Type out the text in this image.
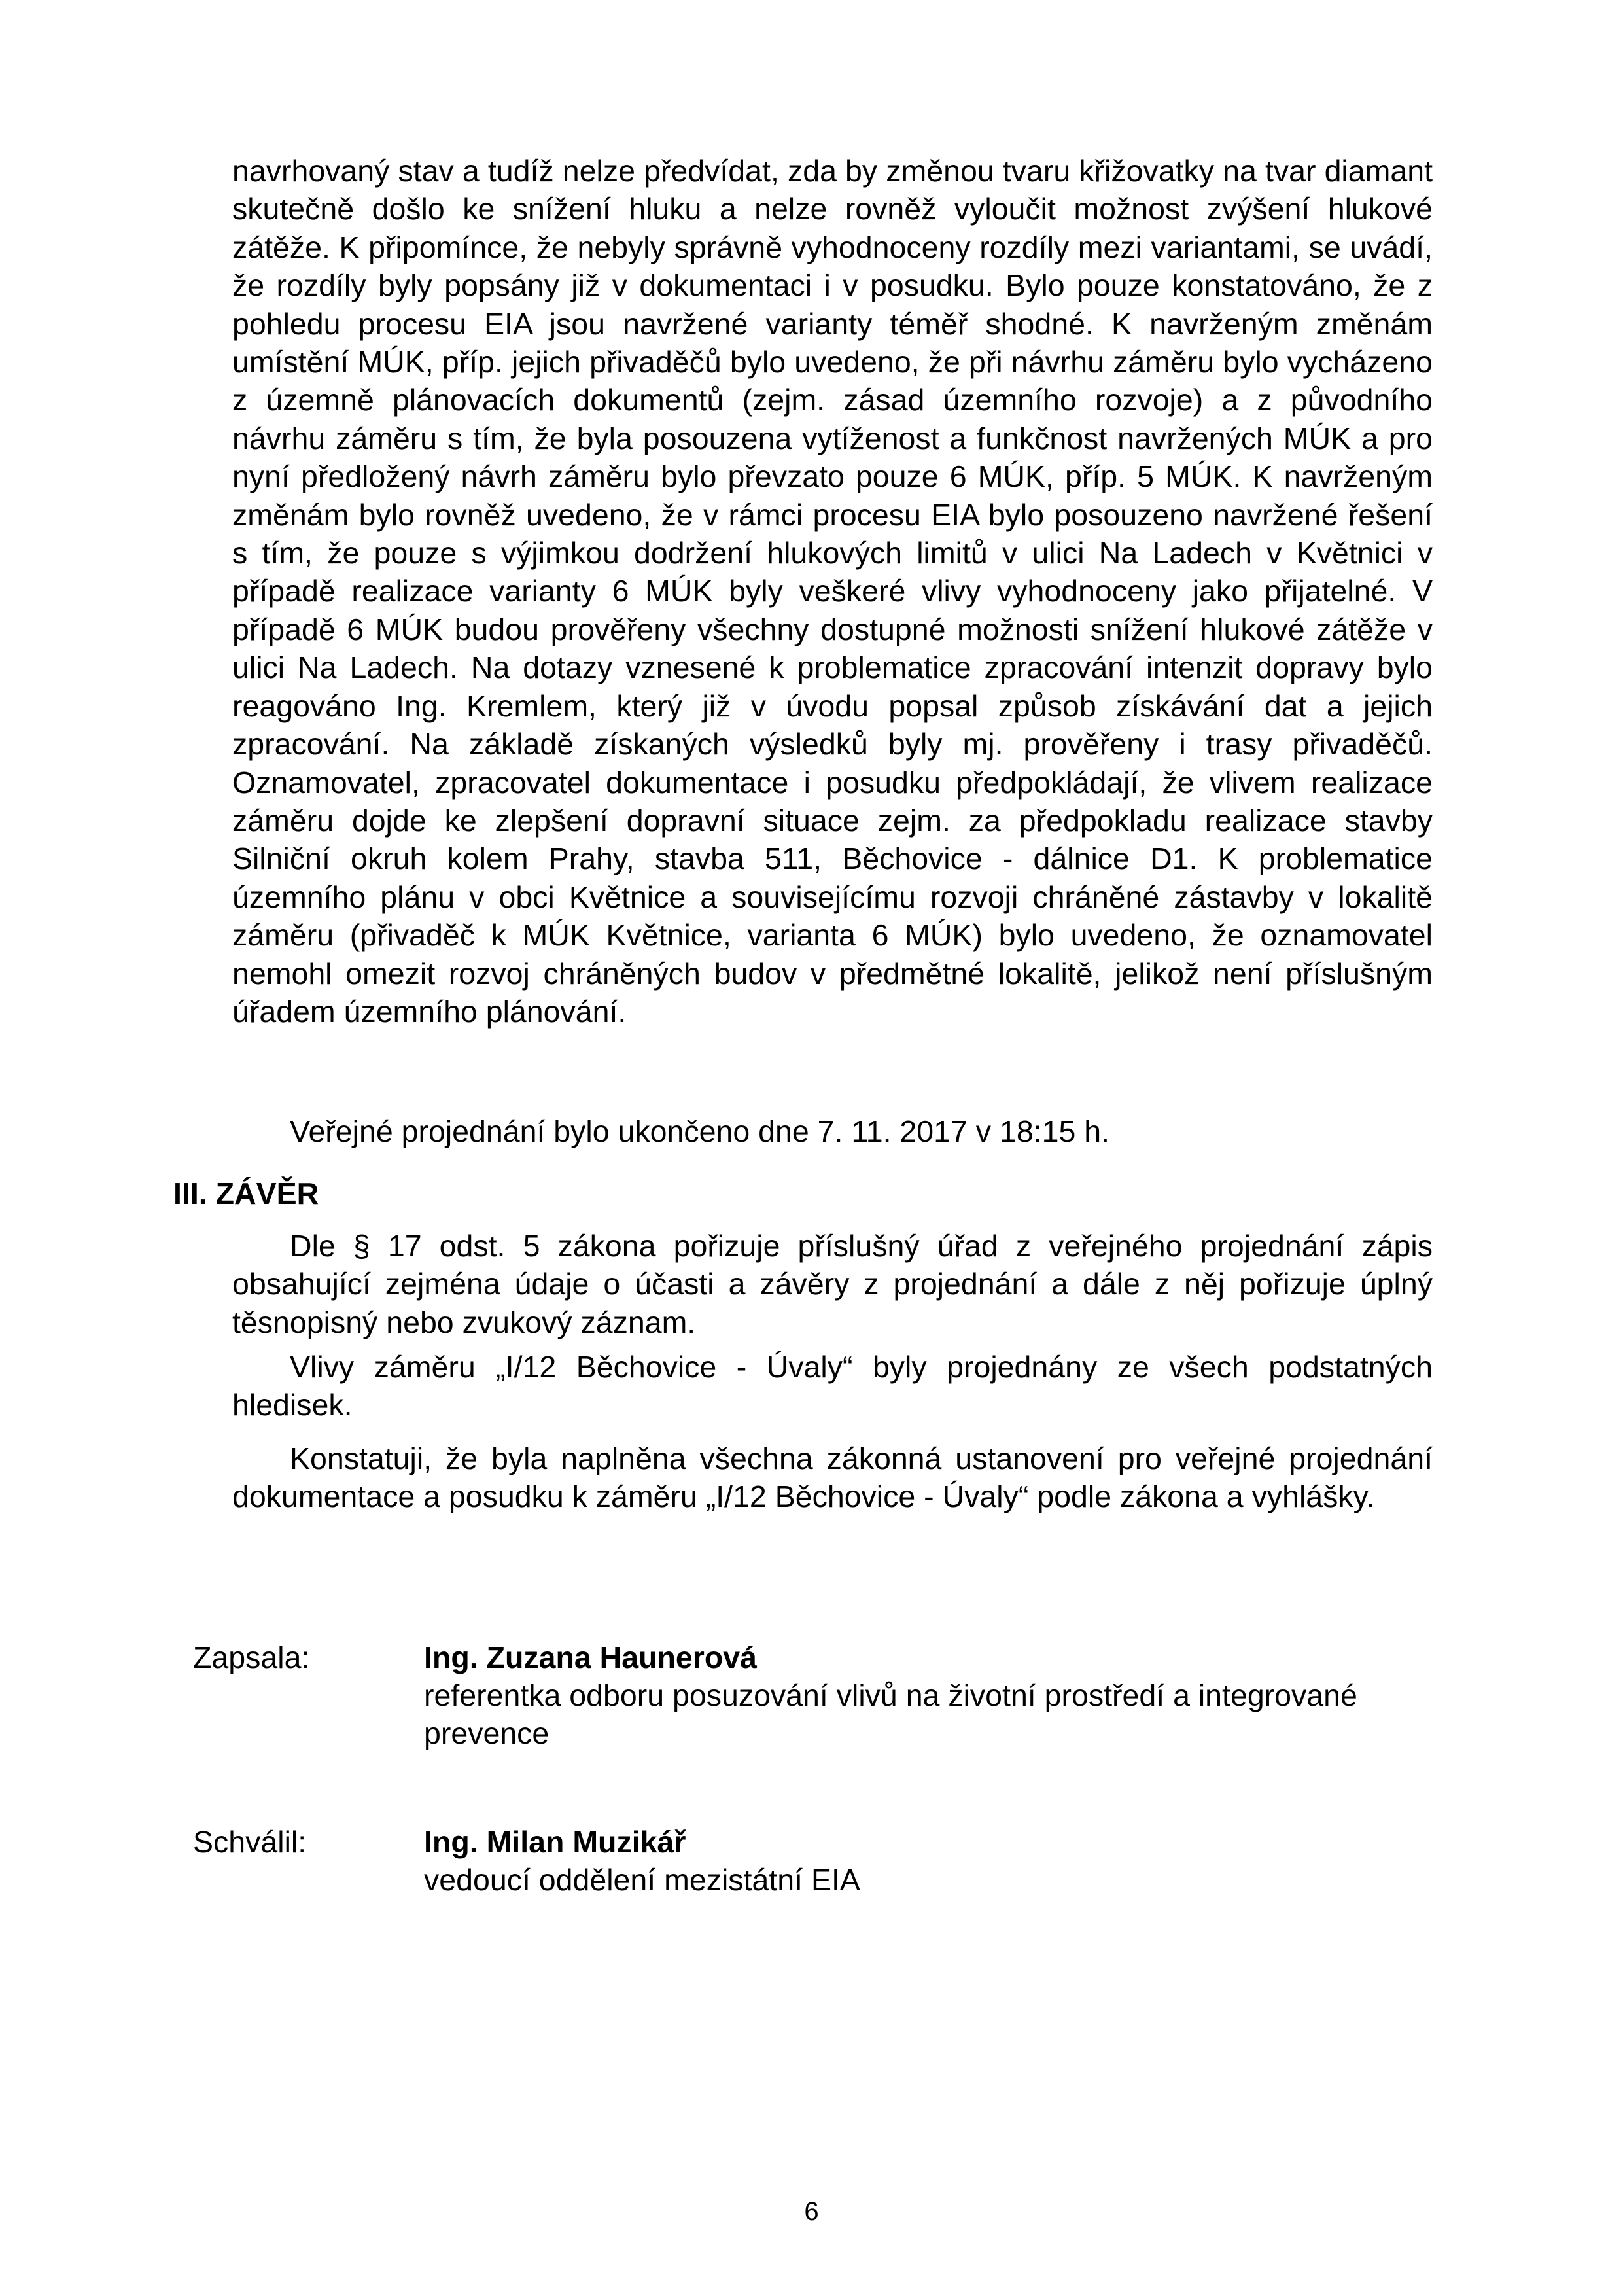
navrhovaný stav a tudíž nelze předvídat, zda by změnou tvaru křižovatky na tvar diamant skutečně došlo ke snížení hluku a nelze rovněž vyloučit možnost zvýšení hlukové zátěže. K připomínce, že nebyly správně vyhodnoceny rozdíly mezi variantami, se uvádí, že rozdíly byly popsány již v dokumentaci i v posudku. Bylo pouze konstatováno, že z pohledu procesu EIA jsou navržené varianty téměř shodné. K navrženým změnám umístění MÚK, příp. jejich přivaděčů bylo uvedeno, že při návrhu záměru bylo vycházeno z územně plánovacích dokumentů (zejm. zásad územního rozvoje) a z původního návrhu záměru s tím, že byla posouzena vytíženost a funkčnost navržených MÚK a pro nyní předložený návrh záměru bylo převzato pouze 6 MÚK, příp. 5 MÚK. K navrženým změnám bylo rovněž uvedeno, že v rámci procesu EIA bylo posouzeno navržené řešení s tím, že pouze s výjimkou dodržení hlukových limitů v ulici Na Ladech v Květnici v případě realizace varianty 6 MÚK byly veškeré vlivy vyhodnoceny jako přijatelné. V případě 6 MÚK budou prověřeny všechny dostupné možnosti snížení hlukové zátěže v ulici Na Ladech. Na dotazy vznesené k problematice zpracování intenzit dopravy bylo reagováno Ing. Kremlem, který již v úvodu popsal způsob získávání dat a jejich zpracování. Na základě získaných výsledků byly mj. prověřeny i trasy přivaděčů. Oznamovatel, zpracovatel dokumentace i posudku předpokládají, že vlivem realizace záměru dojde ke zlepšení dopravní situace zejm. za předpokladu realizace stavby Silniční okruh kolem Prahy, stavba 511, Běchovice - dálnice D1. K problematice územního plánu v obci Květnice a souvisejícímu rozvoji chráněné zástavby v lokalitě záměru (přivaděč k MÚK Květnice, varianta 6 MÚK) bylo uvedeno, že oznamovatel nemohl omezit rozvoj chráněných budov v předmětné lokalitě, jelikož není příslušným úřadem územního plánování.
Veřejné projednání bylo ukončeno dne 7. 11. 2017 v 18:15 h.
III. ZÁVĚR
Dle § 17 odst. 5 zákona pořizuje příslušný úřad z veřejného projednání zápis obsahující zejména údaje o účasti a závěry z projednání a dále z něj pořizuje úplný těsnopisný nebo zvukový záznam.
Vlivy záměru „I/12 Běchovice - Úvaly“ byly projednány ze všech podstatných hledisek.
Konstatuji, že byla naplněna všechna zákonná ustanovení pro veřejné projednání dokumentace a posudku k záměru „I/12 Běchovice - Úvaly“ podle zákona a vyhlášky.
Zapsala:	Ing. Zuzana Haunerová
referentka odboru posuzování vlivů na životní prostředí a integrované prevence
Schválil:	Ing. Milan Muzikář
vedoucí oddělení mezistátní EIA
6
